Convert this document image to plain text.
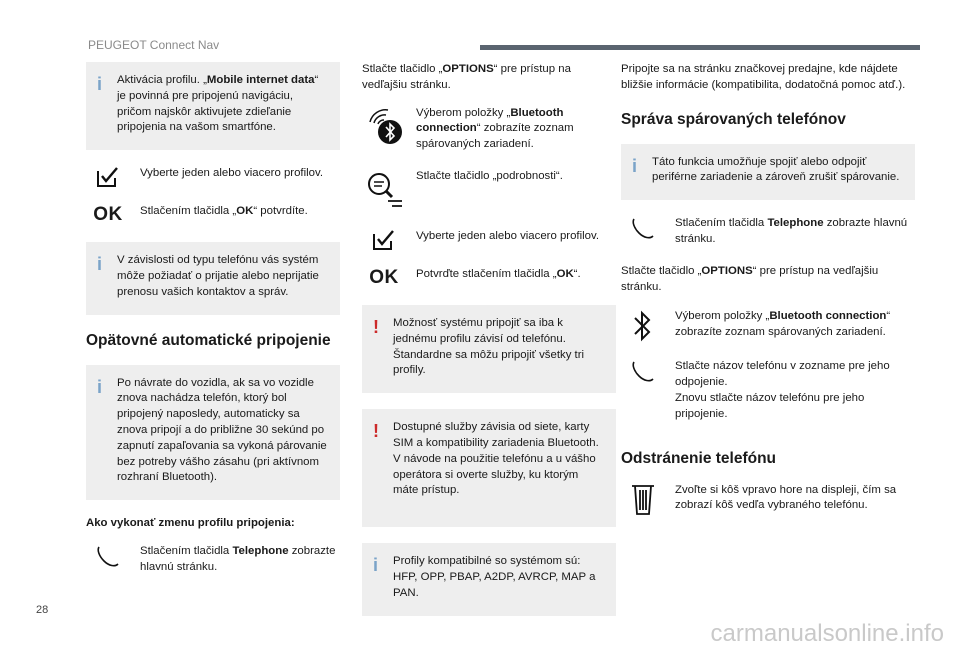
PEUGEOT Connect Nav
i Aktivácia profilu. „Mobile internet data“ je povinná pre pripojenú navigáciu, pričom najskôr aktivujete zdieľanie pripojenia na vašom smartfóne.

Vyberte jeden alebo viacero profilov.
OK Stlačením tlačidla „OK“ potvrdíte.
i V závislosti od typu telefónu vás systém môže požiadať o prijatie alebo neprijatie prenosu vašich kontaktov a správ.

Opätovné automatické pripojenie
i Po návrate do vozidla, ak sa vo vozidle znova nachádza telefón, ktorý bol pripojený naposledy, automaticky sa znova pripojí a do približne 30 sekúnd po zapnutí zapaľovania sa vykoná párovanie bez potreby vášho zásahu (pri aktívnom rozhraní Bluetooth).

Ako vykonať zmenu profilu pripojenia:

Stlačením tlačidla Telephone zobrazte hlavnú stránku.

Stlačte tlačidlo „OPTIONS“ pre prístup na vedľajšiu stránku.

Výberom položky „Bluetooth connection“ zobrazíte zoznam spárovaných zariadení.
Stlačte tlačidlo „podrobnosti“.
Vyberte jeden alebo viacero profilov.
OK Potvrďte stlačením tlačidla „OK“.
! Možnosť systému pripojiť sa iba k jednému profilu závisí od telefónu. Štandardne sa môžu pripojiť všetky tri profily.

! Dostupné služby závisia od siete, karty SIM a kompatibility zariadenia Bluetooth. V návode na použitie telefónu a u vášho operátora si overte služby, ku ktorým máte prístup.

i Profily kompatibilné so systémom sú: HFP, OPP, PBAP, A2DP, AVRCP, MAP a PAN.

Pripojte sa na stránku značkovej predajne, kde nájdete bližšie informácie (kompatibilita, dodatočná pomoc atď.).

Správa spárovaných telefónov
i Táto funkcia umožňuje spojiť alebo odpojiť periférne zariadenie a zároveň zrušiť spárovanie.

Stlačením tlačidla Telephone zobrazte hlavnú stránku.

Stlačte tlačidlo „OPTIONS“ pre prístup na vedľajšiu stránku.

Výberom položky „Bluetooth connection“ zobrazíte zoznam spárovaných zariadení.
Stlačte názov telefónu v zozname pre jeho odpojenie.
Znovu stlačte názov telefónu pre jeho pripojenie.
Odstránenie telefónu
Zvoľte si kôš vpravo hore na displeji, čím sa zobrazí kôš vedľa vybraného telefónu.
28
carmanualsonline.info
